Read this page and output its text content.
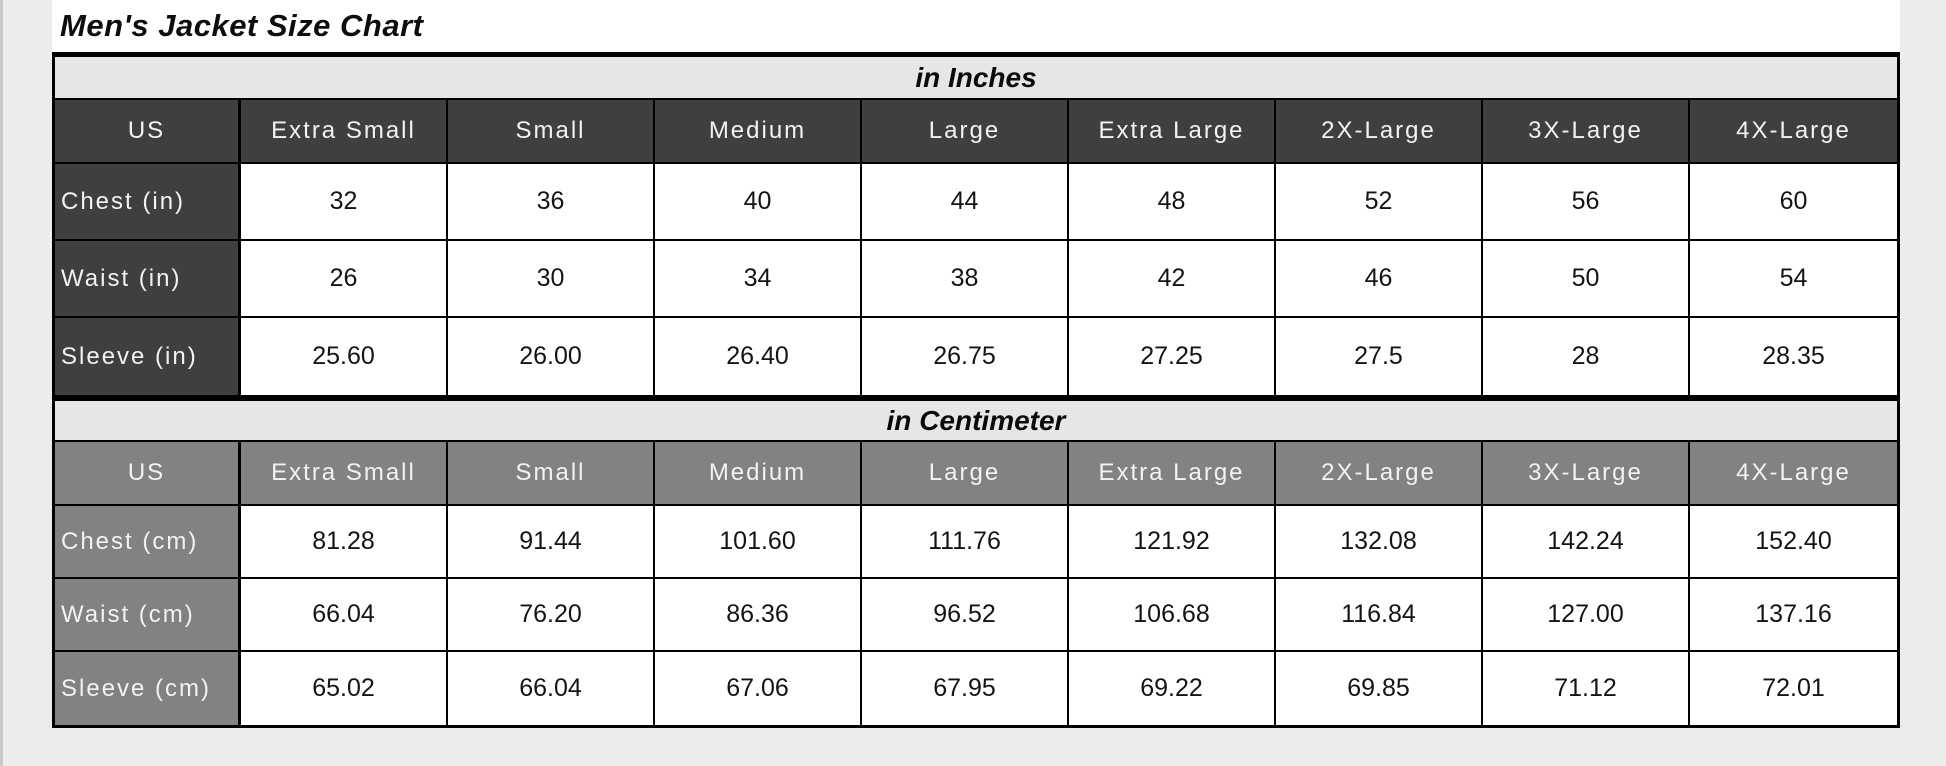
Men's Jacket Size Chart
in Inches
US	Extra Small	Small	Medium	Large	Extra Large	2X-Large	3X-Large	4X-Large
Chest (in)	32	36	40	44	48	52	56	60
Waist (in)	26	30	34	38	42	46	50	54
Sleeve (in)	25.60	26.00	26.40	26.75	27.25	27.5	28	28.35
in Centimeter
US	Extra Small	Small	Medium	Large	Extra Large	2X-Large	3X-Large	4X-Large
Chest (cm)	81.28	91.44	101.60	111.76	121.92	132.08	142.24	152.40
Waist (cm)	66.04	76.20	86.36	96.52	106.68	116.84	127.00	137.16
Sleeve (cm)	65.02	66.04	67.06	67.95	69.22	69.85	71.12	72.01
